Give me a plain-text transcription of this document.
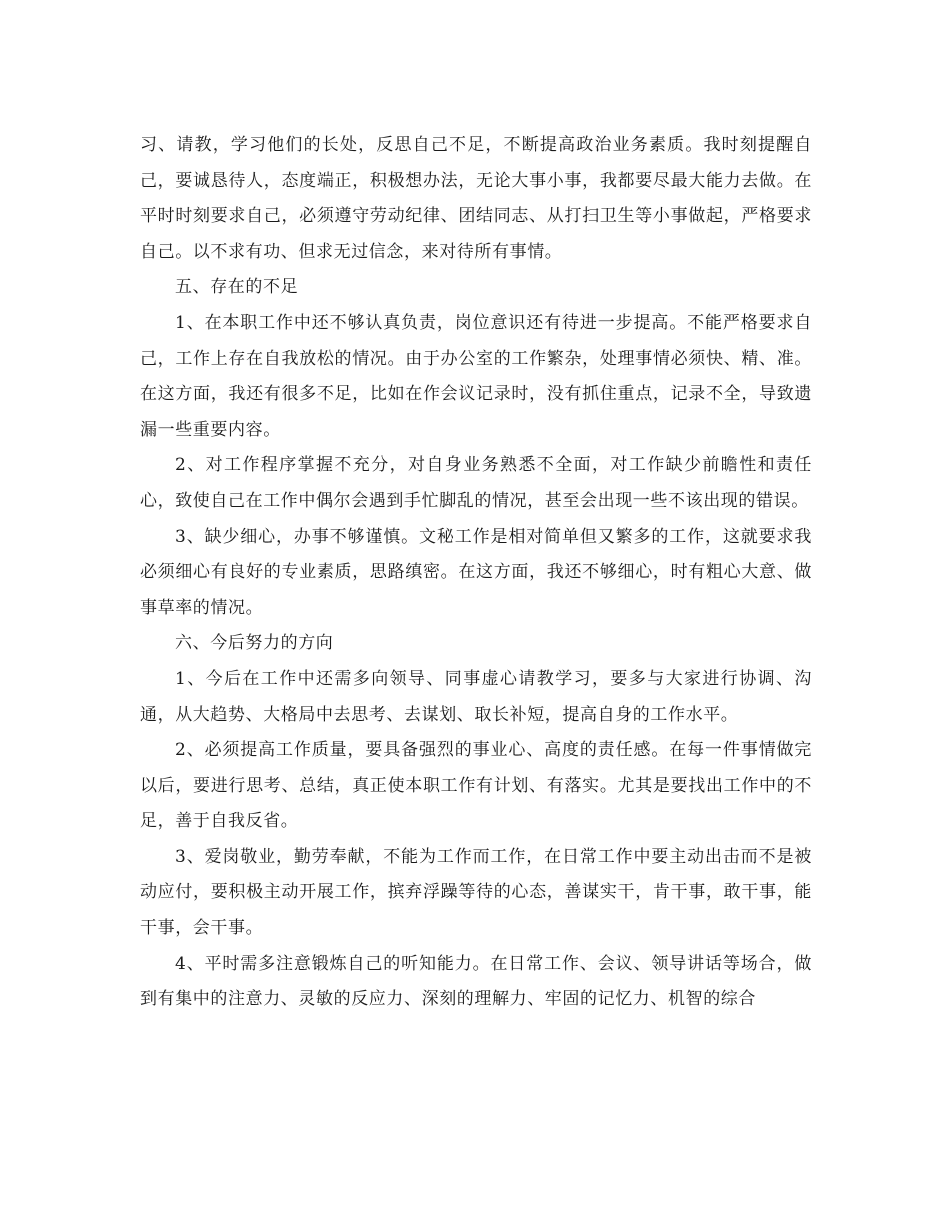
习、请教，学习他们的长处，反思自己不足，不断提高政治业务素质。我时刻提醒自己，要诚恳待人，态度端正，积极想办法，无论大事小事，我都要尽最大能力去做。在平时时刻要求自己，必须遵守劳动纪律、团结同志、从打扫卫生等小事做起，严格要求自己。以不求有功、但求无过信念，来对待所有事情。

五、存在的不足

1、在本职工作中还不够认真负责，岗位意识还有待进一步提高。不能严格要求自己，工作上存在自我放松的情况。由于办公室的工作繁杂，处理事情必须快、精、准。在这方面，我还有很多不足，比如在作会议记录时，没有抓住重点，记录不全，导致遗漏一些重要内容。

2、对工作程序掌握不充分，对自身业务熟悉不全面，对工作缺少前瞻性和责任心，致使自己在工作中偶尔会遇到手忙脚乱的情况，甚至会出现一些不该出现的错误。

3、缺少细心，办事不够谨慎。文秘工作是相对简单但又繁多的工作，这就要求我必须细心有良好的专业素质，思路缜密。在这方面，我还不够细心，时有粗心大意、做事草率的情况。

六、今后努力的方向

1、今后在工作中还需多向领导、同事虚心请教学习，要多与大家进行协调、沟通，从大趋势、大格局中去思考、去谋划、取长补短，提高自身的工作水平。

2、必须提高工作质量，要具备强烈的事业心、高度的责任感。在每一件事情做完以后，要进行思考、总结，真正使本职工作有计划、有落实。尤其是要找出工作中的不足，善于自我反省。

3、爱岗敬业，勤劳奉献，不能为工作而工作，在日常工作中要主动出击而不是被动应付，要积极主动开展工作，摈弃浮躁等待的心态，善谋实干，肯干事，敢干事，能干事，会干事。

4、平时需多注意锻炼自己的听知能力。在日常工作、会议、领导讲话等场合，做到有集中的注意力、灵敏的反应力、深刻的理解力、牢固的记忆力、机智的综合
